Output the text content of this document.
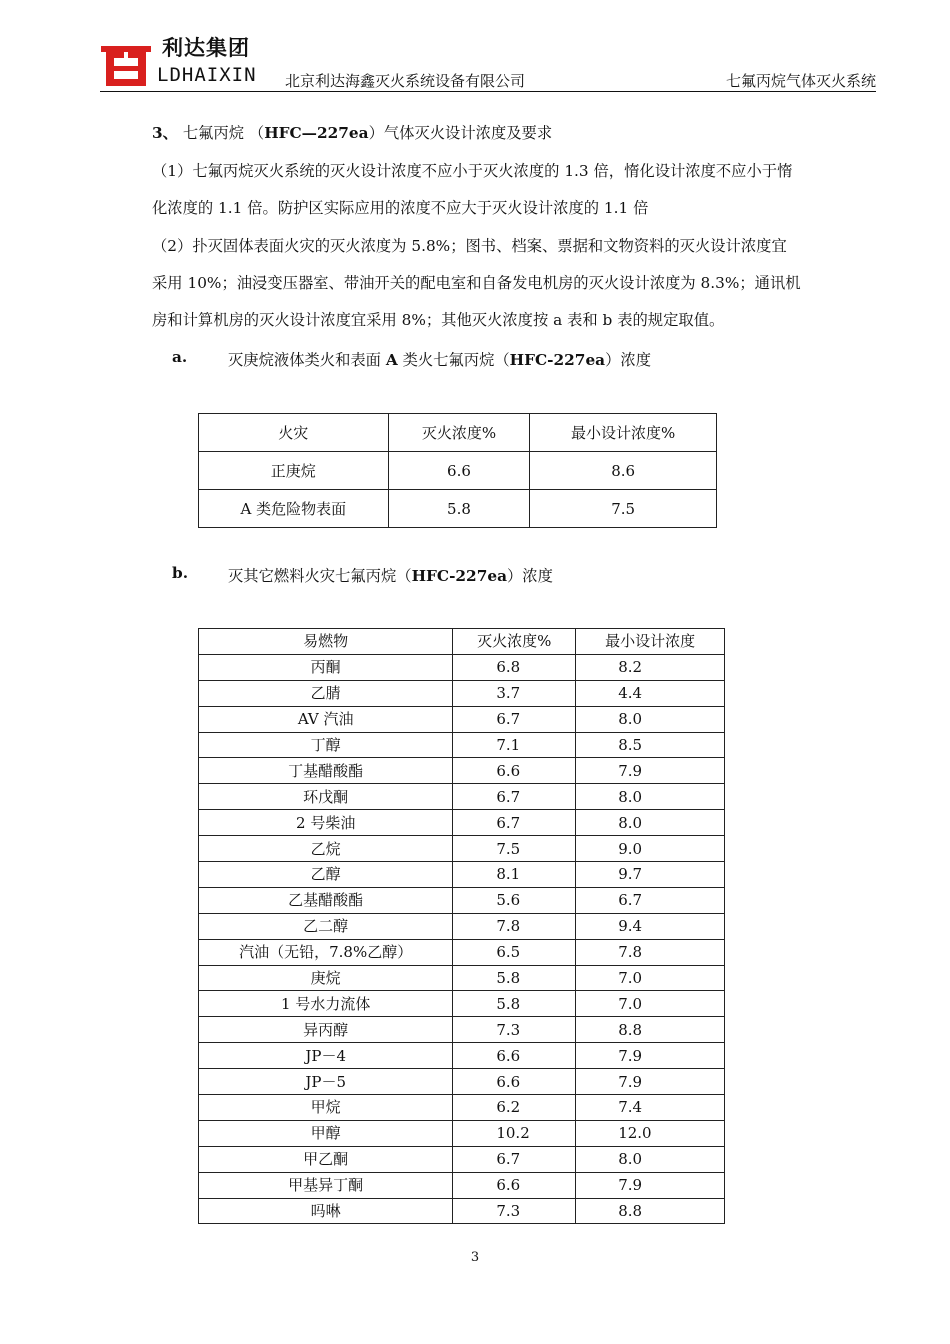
利达集团
LDHAIXIN 北京利达海鑫灭火系统设备有限公司	七氟丙烷气体灭火系统

3、 七氟丙烷 （HFC—227ea）气体灭火设计浓度及要求

（1）七氟丙烷灭火系统的灭火设计浓度不应小于灭火浓度的 1.3 倍，惰化设计浓度不应小于惰

化浓度的 1.1 倍。防护区实际应用的浓度不应大于灭火设计浓度的 1.1 倍

（2）扑灭固体表面火灾的灭火浓度为 5.8%；图书、档案、票据和文物资料的灭火设计浓度宜

采用 10%；油浸变压器室、带油开关的配电室和自备发电机房的灭火设计浓度为 8.3%；通讯机

房和计算机房的灭火设计浓度宜采用 8%；其他灭火浓度按 a 表和 b 表的规定取值。

a.	灭庚烷液体类火和表面 A 类火七氟丙烷（HFC-227ea）浓度
火灾	灭火浓度%	最小设计浓度%
正庚烷	6.6	8.6
A 类危险物表面	5.8	7.5
b.	灭其它燃料火灾七氟丙烷（HFC-227ea）浓度
易燃物	灭火浓度%	最小设计浓度
丙酮	6.8	8.2
乙腈	3.7	4.4
AV 汽油	6.7	8.0
丁醇	7.1	8.5
丁基醋酸酯	6.6	7.9
环戊酮	6.7	8.0
2 号柴油	6.7	8.0
乙烷	7.5	9.0
乙醇	8.1	9.7
乙基醋酸酯	5.6	6.7
乙二醇	7.8	9.4
汽油（无铅，7.8%乙醇）	6.5	7.8
庚烷	5.8	7.0
1 号水力流体	5.8	7.0
异丙醇	7.3	8.8
JP－4	6.6	7.9
JP－5	6.6	7.9
甲烷	6.2	7.4
甲醇	10.2	12.0
甲乙酮	6.7	8.0
甲基异丁酮	6.6	7.9
吗啉	7.3	8.8
3
